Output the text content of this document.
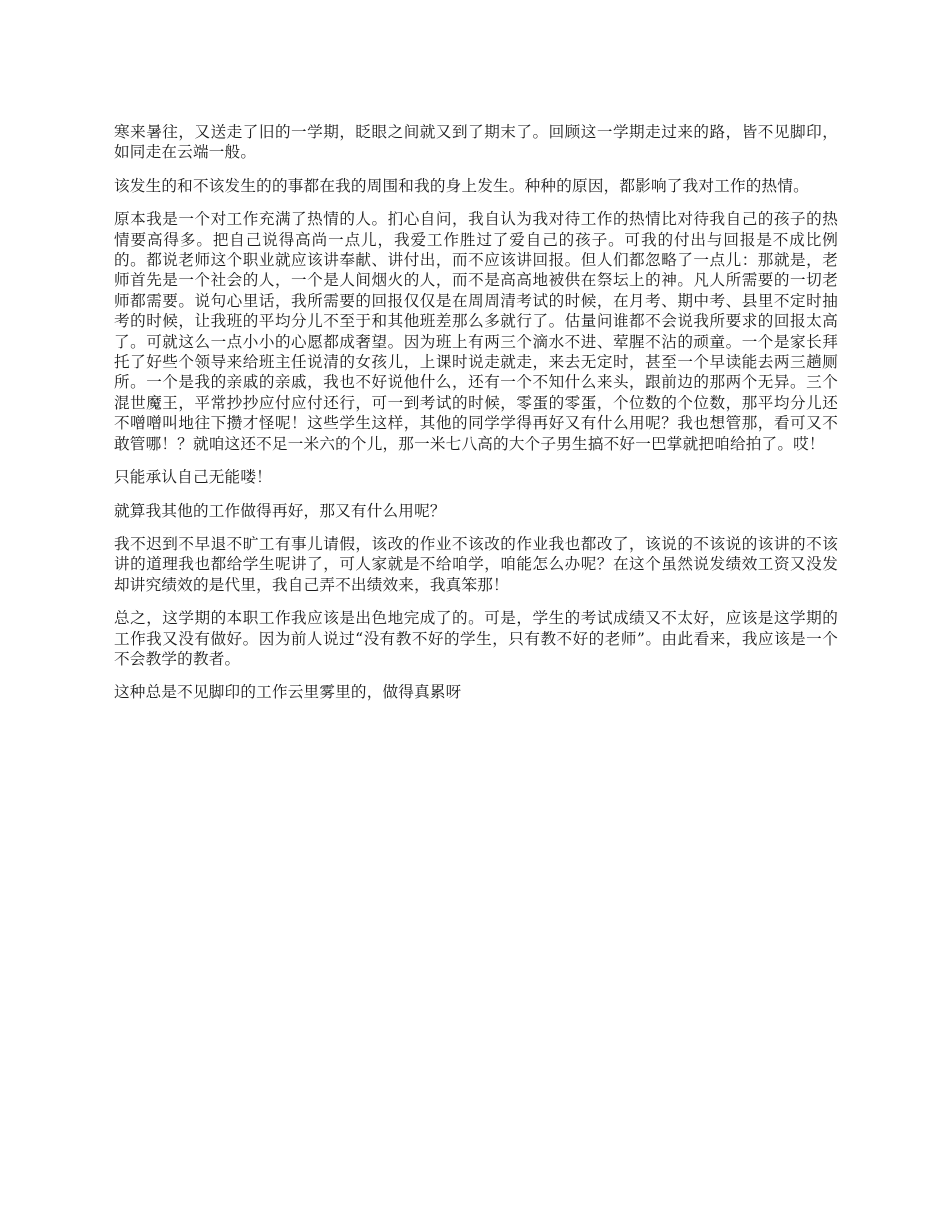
寒来暑往，又送走了旧的一学期，眨眼之间就又到了期末了。回顾这一学期走过来的路，皆不见脚印，如同走在云端一般。

该发生的和不该发生的的事都在我的周围和我的身上发生。种种的原因，都影响了我对工作的热情。

原本我是一个对工作充满了热情的人。扪心自问，我自认为我对待工作的热情比对待我自己的孩子的热情要高得多。把自己说得高尚一点儿，我爱工作胜过了爱自己的孩子。可我的付出与回报是不成比例的。都说老师这个职业就应该讲奉献、讲付出，而不应该讲回报。但人们都忽略了一点儿：那就是，老师首先是一个社会的人，一个是人间烟火的人，而不是高高地被供在祭坛上的神。凡人所需要的一切老师都需要。说句心里话，我所需要的回报仅仅是在周周清考试的时候，在月考、期中考、县里不定时抽考的时候，让我班的平均分儿不至于和其他班差那么多就行了。估量问谁都不会说我所要求的回报太高了。可就这么一点小小的心愿都成奢望。因为班上有两三个滴水不进、荤腥不沾的顽童。一个是家长拜托了好些个领导来给班主任说清的女孩儿，上课时说走就走，来去无定时，甚至一个早读能去两三趟厕所。一个是我的亲戚的亲戚，我也不好说他什么，还有一个不知什么来头，跟前边的那两个无异。三个混世魔王，平常抄抄应付应付还行，可一到考试的时候，零蛋的零蛋，个位数的个位数，那平均分儿还不噌噌叫地往下攒才怪呢！这些学生这样，其他的同学学得再好又有什么用呢？我也想管那，看可又不敢管哪！？就咱这还不足一米六的个儿，那一米七八高的大个子男生搞不好一巴掌就把咱给拍了。哎！

只能承认自己无能喽！

就算我其他的工作做得再好，那又有什么用呢？

我不迟到不早退不旷工有事儿请假，该改的作业不该改的作业我也都改了，该说的不该说的该讲的不该讲的道理我也都给学生呢讲了，可人家就是不给咱学，咱能怎么办呢？在这个虽然说发绩效工资又没发却讲究绩效的是代里，我自己弄不出绩效来，我真笨那！

总之，这学期的本职工作我应该是出色地完成了的。可是，学生的考试成绩又不太好，应该是这学期的工作我又没有做好。因为前人说过“没有教不好的学生，只有教不好的老师”。由此看来，我应该是一个不会教学的教者。

这种总是不见脚印的工作云里雾里的，做得真累呀
